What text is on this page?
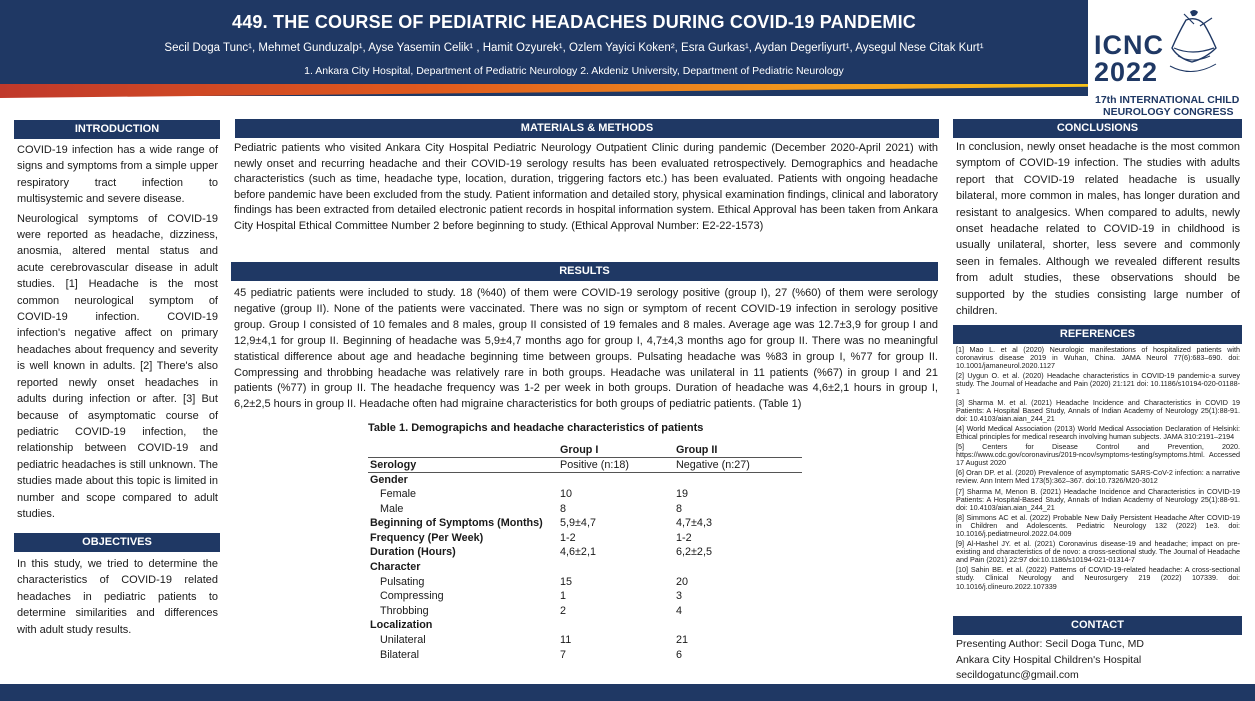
449. THE COURSE OF PEDIATRIC HEADACHES DURING COVID-19 PANDEMIC
Secil Doga Tunc¹, Mehmet Gunduzalp¹, Ayse Yasemin Celik¹ , Hamit Ozyurek¹, Ozlem Yayici Koken², Esra Gurkas¹, Aydan Degerliyurt¹, Aysegul Nese Citak Kurt¹
1. Ankara City Hospital, Department of Pediatric Neurology 2. Akdeniz University, Department of Pediatric Neurology
ICNC
2022
17th INTERNATIONAL CHILD
NEUROLOGY CONGRESS
INTRODUCTION

COVID-19 infection has a wide range of signs and symptoms from a simple upper respiratory tract infection to multisystemic and severe disease.

Neurological symptoms of COVID-19 were reported as headache, dizziness, anosmia, altered mental status and acute cerebrovascular disease in adult studies. [1] Headache is the most common neurological symptom of COVID-19 infection. COVID-19 infection's negative affect on primary headaches about frequency and severity is well known in adults. [2] There's also reported newly onset headaches in adults during infection or after. [3] But because of asymptomatic course of pediatric COVID-19 infection, the relationship between COVID-19 and pediatric headaches is still unknown. The studies made about this topic is limited in number and scope compared to adult studies.

OBJECTIVES
In this study, we tried to determine the characteristics of COVID-19 related headaches in pediatric patients to determine similarities and differences with adult study results.
MATERIALS & METHODS
Pediatric patients who visited Ankara City Hospital Pediatric Neurology Outpatient Clinic during pandemic (December 2020-April 2021) with newly onset and recurring headache and their COVID-19 serology results has been evaluated retrospectively. Demographics and headache characteristics (such as time, headache type, location, duration, triggering factors etc.) has been evaluated. Patients with ongoing headache before pandemic have been excluded from the study. Patient information and detailed story, physical examination findings, clinical and laboratory findings has been extracted from detailed electronic patient records in hospital information system. Ethical Approval has been taken from Ankara City Hospital Ethical Committee Number 2 before beginning to study. (Ethical Approval Number: E2-22-1573)
RESULTS
45 pediatric patients were included to study. 18 (%40) of them were COVID-19 serology positive (group I), 27 (%60) of them were serology negative (group II). None of the patients were vaccinated. There was no sign or symptom of recent COVID-19 infection in serology positive group. Group I consisted of 10 females and 8 males, group II consisted of 19 females and 8 males. Average age was 12.7±3,9 for group I and 12,9±4,1 for group II. Beginning of headache was 5,9±4,7 months ago for group I, 4,7±4,3 months ago for group II. There was no meaningful statistical difference about age and headache beginning time between groups. Pulsating headache was %83 in group I, %77 for group II. Compressing and throbbing headache was relatively rare in both groups. Headache was unilateral in 11 patients (%67) in group I and 21 patients (%77) in group II. The headache frequency was 1-2 per week in both groups. Duration of headache was 4,6±2,1 hours in group I, 6,2±2,5 hours in group II. Headache often had migraine characteristics for both groups of pediatric patients. (Table 1)
Table 1. Demograpichs and headache characteristics of patients
	Group I	Group II
Serology	Positive (n:18)	Negative (n:27)
Gender		
Female	10	19
Male	8	8
Beginning of Symptoms (Months)	5,9±4,7	4,7±4,3
Frequency (Per Week)	1-2	1-2
Duration (Hours)	4,6±2,1	6,2±2,5
Character		
Pulsating	15	20
Compressing	1	3
Throbbing	2	4
Localization		
Unilateral	11	21
Bilateral	7	6
CONCLUSIONS
In conclusion, newly onset headache is the most common symptom of COVID-19 infection. The studies with adults report that COVID-19 related headache is usually bilateral, more common in males, has longer duration and resistant to analgesics. When compared to adults, newly onset headache related to COVID-19 in childhood is usually unilateral, shorter, less severe and commonly seen in females. Although we revealed different results from adult studies, these observations should be supported by the studies consisting large number of children.
REFERENCES
[1] Mao L. et al (2020) Neurologic manifestations of hospitalized patients with coronavirus disease 2019 in Wuhan, China. JAMA Neurol 77(6):683–690. doi: 10.1001/jamaneurol.2020.1127
[2] Uygun O. et al. (2020) Headache characteristics in COVID-19 pandemic-a survey study. The Journal of Headache and Pain (2020) 21:121 doi: 10.1186/s10194-020-01188-1
[3] Sharma M. et al. (2021) Headache Incidence and Characteristics in COVID 19 Patients: A Hospital Based Study, Annals of Indian Academy of Neurology 25(1):88-91. doi: 10.4103/aian.aian_244_21
[4] World Medical Association (2013) World Medical Association Declaration of Helsinki: Ethical principles for medical research involving human subjects. JAMA 310:2191–2194
[5] Centers for Disease Control and Prevention, 2020. https://www.cdc.gov/coronavirus/2019-ncov/symptoms-testing/symptoms.html. Accessed 17 August 2020
[6] Oran DP. et al. (2020) Prevalence of asymptomatic SARS-CoV-2 infection: a narrative review. Ann Intern Med 173(5):362–367. doi:10.7326/M20-3012
[7] Sharma M, Menon B. (2021) Headache Incidence and Characteristics in COVID-19 Patients: A Hospital-Based Study, Annals of Indian Academy of Neurology 25(1):88-91. doi: 10.4103/aian.aian_244_21
[8] Simmons AC et al. (2022) Probable New Daily Persistent Headache After COVID-19 in Children and Adolescents. Pediatric Neurology 132 (2022) 1e3. doi: 10.1016/j.pediatrneurol.2022.04.009
[9] Al-Hashel JY. et al. (2021) Coronavirus disease-19 and headache; impact on pre-existing and characteristics of de novo: a cross-sectional study. The Journal of Headache and Pain (2021) 22:97 doi:10.1186/s10194-021-01314-7
[10] Sahin BE. et al. (2022) Patterns of COVID-19-related headache: A cross-sectional study. Clinical Neurology and Neurosurgery 219 (2022) 107339. doi: 10.1016/j.clineuro.2022.107339
CONTACT
Presenting Author: Secil Doga Tunc, MD
Ankara City Hospital Children's Hospital
secildogatunc@gmail.com
